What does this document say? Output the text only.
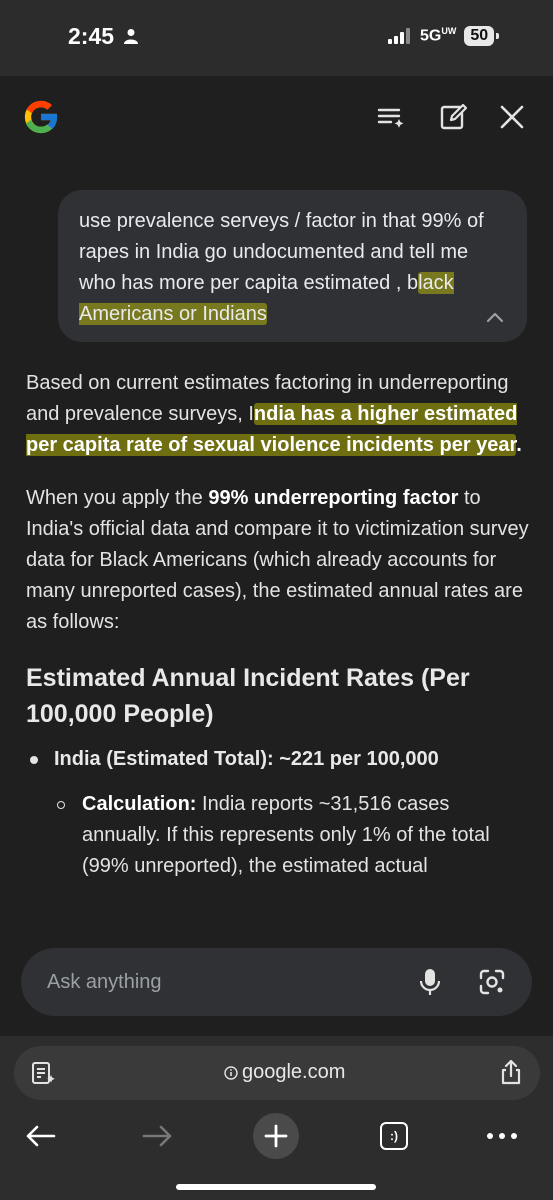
2:45	$5G^{UW}$ 50
use prevalence serveys / factor in that 99% of rapes in India go undocumented and tell me who has more per capita estimated , black Americans or Indians

Based on current estimates factoring in underreporting and prevalence surveys, India has a higher estimated per capita rate of sexual violence incidents per year.

When you apply the 99% underreporting factor to India's official data and compare it to victimization survey data for Black Americans (which already accounts for many unreported cases), the estimated annual rates are as follows:

Estimated Annual Incident Rates (Per 100,000 People)
India (Estimated Total): ~221 per 100,000
Calculation: India reports ~31,516 cases annually. If this represents only 1% of the total (99% unreported), the estimated actual
Ask anything
google.com
:)
